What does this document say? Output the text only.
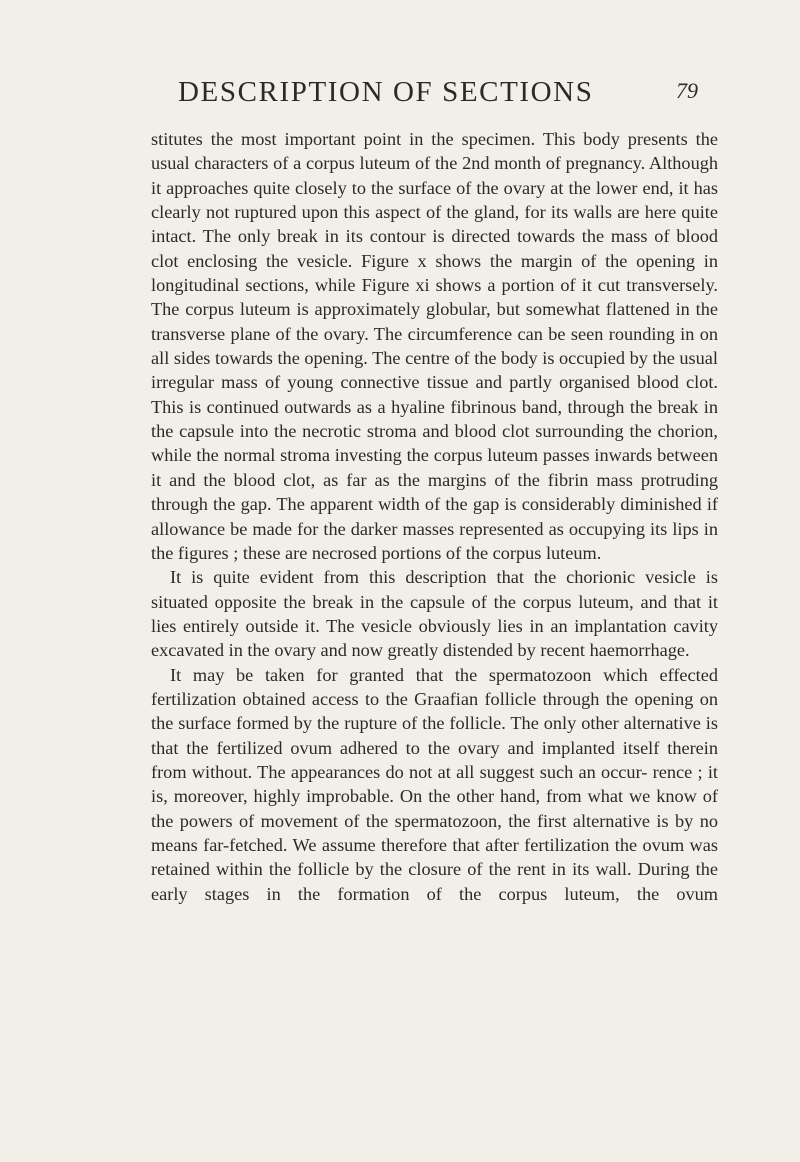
DESCRIPTION OF SECTIONS	79

stitutes the most important point in the specimen. This body presents the usual characters of a corpus luteum of the 2nd month of pregnancy. Although it approaches quite closely to the surface of the ovary at the lower end, it has clearly not ruptured upon this aspect of the gland, for its walls are here quite intact. The only break in its contour is directed towards the mass of blood clot enclosing the vesicle. Figure x shows the margin of the opening in longitudinal sections, while Figure xi shows a portion of it cut transversely. The corpus luteum is approximately globular, but somewhat flattened in the transverse plane of the ovary. The circumference can be seen rounding in on all sides towards the opening. The centre of the body is occupied by the usual irregular mass of young connective tissue and partly organised blood clot. This is continued outwards as a hyaline fibrinous band, through the break in the capsule into the necrotic stroma and blood clot surrounding the chorion, while the normal stroma investing the corpus luteum passes inwards between it and the blood clot, as far as the margins of the fibrin mass protruding through the gap. The apparent width of the gap is considerably diminished if allowance be made for the darker masses represented as occupying its lips in the figures ; these are necrosed portions of the corpus luteum.

It is quite evident from this description that the chorionic vesicle is situated opposite the break in the capsule of the corpus luteum, and that it lies entirely outside it. The vesicle obviously lies in an implantation cavity excavated in the ovary and now greatly distended by recent haemorrhage.

It may be taken for granted that the spermatozoon which effected fertilization obtained access to the Graafian follicle through the opening on the surface formed by the rupture of the follicle. The only other alternative is that the fertilized ovum adhered to the ovary and implanted itself therein from without. The appearances do not at all suggest such an occur- rence ; it is, moreover, highly improbable. On the other hand, from what we know of the powers of movement of the spermatozoon, the first alternative is by no means far-fetched. We assume therefore that after fertilization the ovum was retained within the follicle by the closure of the rent in its wall. During the early stages in the formation of the corpus luteum, the ovum
